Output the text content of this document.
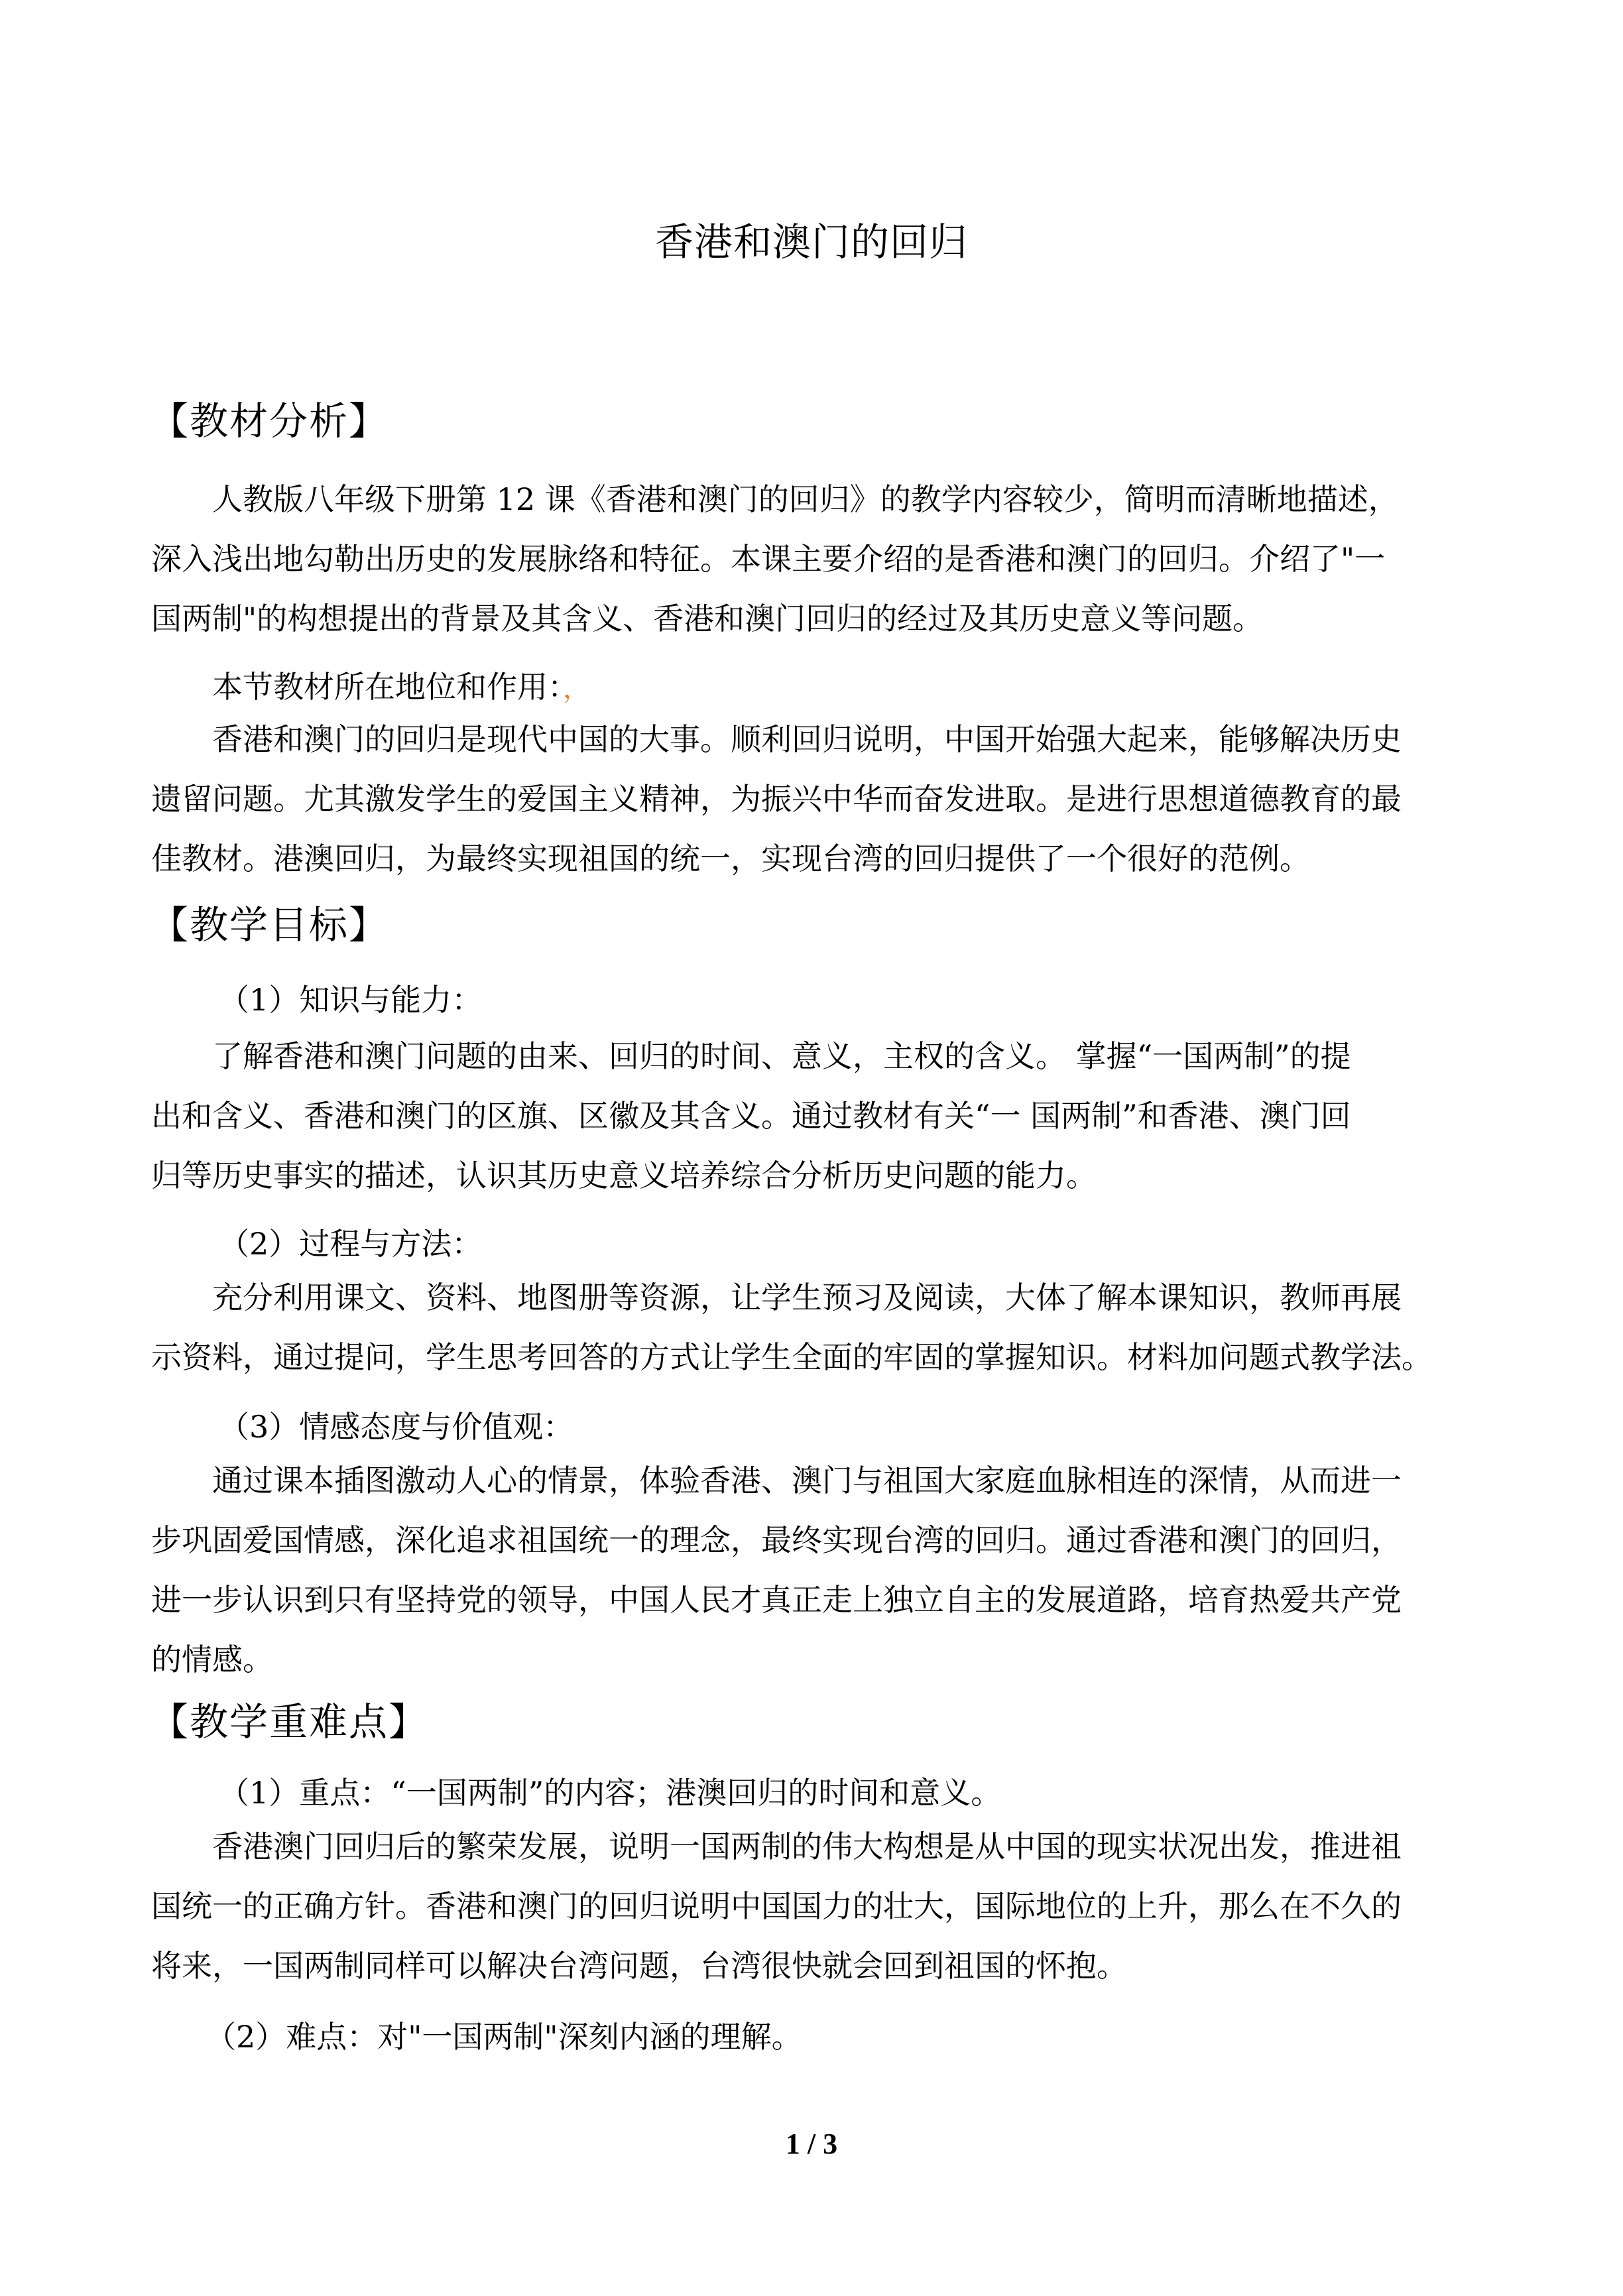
香港和澳门的回归
【教材分析】
人教版八年级下册第 12 课《香港和澳门的回归》的教学内容较少，简明而清晰地描述，
深入浅出地勾勒出历史的发展脉络和特征。本课主要介绍的是香港和澳门的回归。介绍了"一
国两制"的构想提出的背景及其含义、香港和澳门回归的经过及其历史意义等问题。
本节教材所在地位和作用：，
香港和澳门的回归是现代中国的大事。顺利回归说明，中国开始强大起来，能够解决历史
遗留问题。尤其激发学生的爱国主义精神，为振兴中华而奋发进取。是进行思想道德教育的最
佳教材。港澳回归，为最终实现祖国的统一，实现台湾的回归提供了一个很好的范例。
【教学目标】
（1）知识与能力：
了解香港和澳门问题的由来、回归的时间、意义，主权的含义。 掌握“一国两制”的提
出和含义、香港和澳门的区旗、区徽及其含义。通过教材有关“一 国两制”和香港、澳门回
归等历史事实的描述，认识其历史意义培养综合分析历史问题的能力。
（2）过程与方法：
充分利用课文、资料、地图册等资源，让学生预习及阅读，大体了解本课知识，教师再展
示资料，通过提问，学生思考回答的方式让学生全面的牢固的掌握知识。材料加问题式教学法。
（3）情感态度与价值观：
通过课本插图激动人心的情景，体验香港、澳门与祖国大家庭血脉相连的深情，从而进一
步巩固爱国情感，深化追求祖国统一的理念，最终实现台湾的回归。通过香港和澳门的回归，
进一步认识到只有坚持党的领导，中国人民才真正走上独立自主的发展道路，培育热爱共产党
的情感。
【教学重难点】
（1）重点：“一国两制”的内容；港澳回归的时间和意义。
香港澳门回归后的繁荣发展，说明一国两制的伟大构想是从中国的现实状况出发，推进祖
国统一的正确方针。香港和澳门的回归说明中国国力的壮大，国际地位的上升，那么在不久的
将来，一国两制同样可以解决台湾问题，台湾很快就会回到祖国的怀抱。
（2）难点：对"一国两制"深刻内涵的理解。
1 / 3
